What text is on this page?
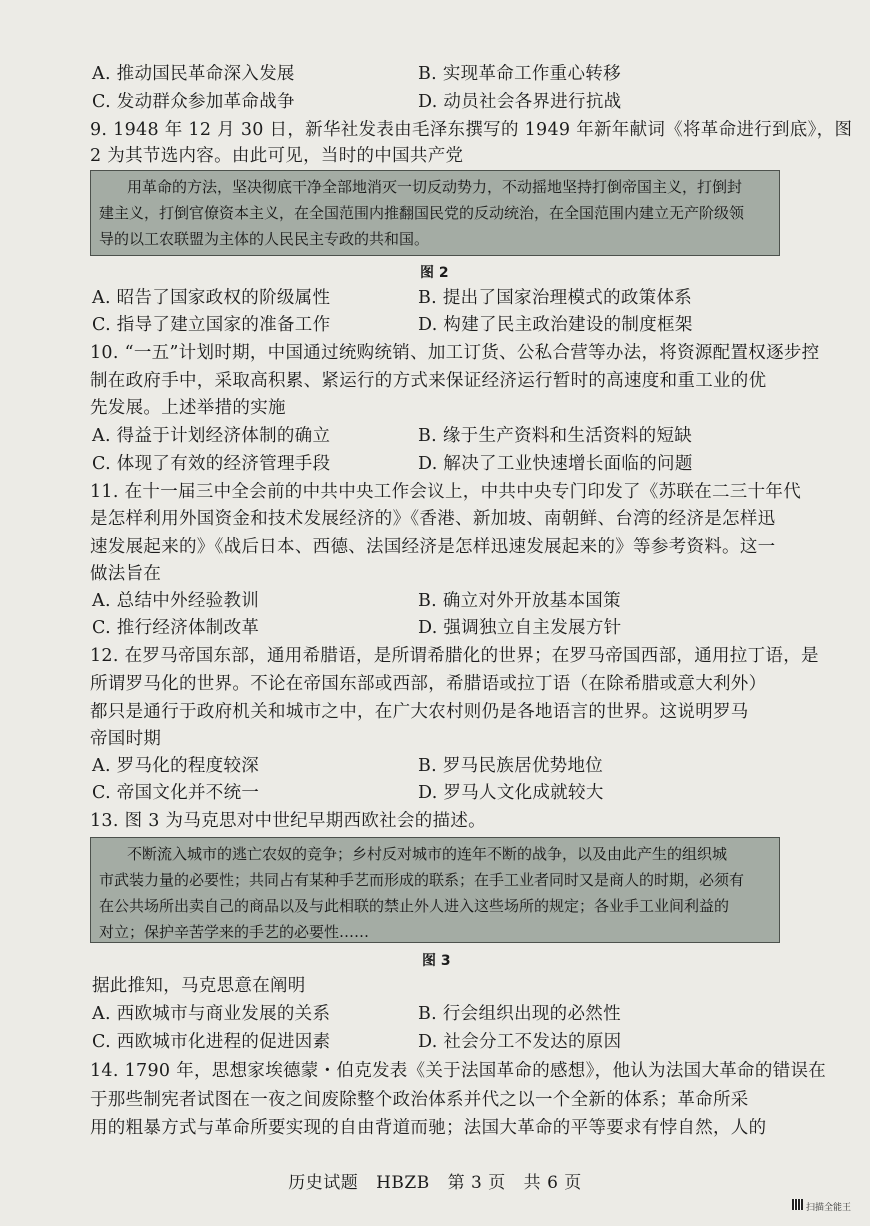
A. 推动国民革命深入发展	B. 实现革命工作重心转移
C. 发动群众参加革命战争	D. 动员社会各界进行抗战
9. 1948 年 12 月 30 日，新华社发表由毛泽东撰写的 1949 年新年献词《将革命进行到底》，图
2 为其节选内容。由此可见，当时的中国共产党

用革命的方法，坚决彻底干净全部地消灭一切反动势力，不动摇地坚持打倒帝国主义，打倒封

建主义，打倒官僚资本主义，在全国范围内推翻国民党的反动统治，在全国范围内建立无产阶级领

导的以工农联盟为主体的人民民主专政的共和国。

图 2
A. 昭告了国家政权的阶级属性	B. 提出了国家治理模式的政策体系
C. 指导了建立国家的准备工作	D. 构建了民主政治建设的制度框架
10. “一五”计划时期，中国通过统购统销、加工订货、公私合营等办法，将资源配置权逐步控
制在政府手中，采取高积累、紧运行的方式来保证经济运行暂时的高速度和重工业的优
先发展。上述举措的实施
A. 得益于计划经济体制的确立	B. 缘于生产资料和生活资料的短缺
C. 体现了有效的经济管理手段	D. 解决了工业快速增长面临的问题
11. 在十一届三中全会前的中共中央工作会议上，中共中央专门印发了《苏联在二三十年代
是怎样利用外国资金和技术发展经济的》《香港、新加坡、南朝鲜、台湾的经济是怎样迅
速发展起来的》《战后日本、西德、法国经济是怎样迅速发展起来的》等参考资料。这一
做法旨在
A. 总结中外经验教训	B. 确立对外开放基本国策
C. 推行经济体制改革	D. 强调独立自主发展方针
12. 在罗马帝国东部，通用希腊语，是所谓希腊化的世界；在罗马帝国西部，通用拉丁语，是
所谓罗马化的世界。不论在帝国东部或西部，希腊语或拉丁语（在除希腊或意大利外）
都只是通行于政府机关和城市之中，在广大农村则仍是各地语言的世界。这说明罗马
帝国时期
A. 罗马化的程度较深	B. 罗马民族居优势地位
C. 帝国文化并不统一	D. 罗马人文化成就较大
13. 图 3 为马克思对中世纪早期西欧社会的描述。

不断流入城市的逃亡农奴的竞争；乡村反对城市的连年不断的战争，以及由此产生的组织城

市武装力量的必要性；共同占有某种手艺而形成的联系；在手工业者同时又是商人的时期，必须有

在公共场所出卖自己的商品以及与此相联的禁止外人进入这些场所的规定；各业手工业间利益的

对立；保护辛苦学来的手艺的必要性……

图 3
据此推知，马克思意在阐明
A. 西欧城市与商业发展的关系	B. 行会组织出现的必然性
C. 西欧城市化进程的促进因素	D. 社会分工不发达的原因
14. 1790 年，思想家埃德蒙・伯克发表《关于法国革命的感想》，他认为法国大革命的错误在
于那些制宪者试图在一夜之间废除整个政治体系并代之以一个全新的体系；革命所采
用的粗暴方式与革命所要实现的自由背道而驰；法国大革命的平等要求有悖自然，人的
历史试题 HBZB 第 3 页 共 6 页
扫描全能王
